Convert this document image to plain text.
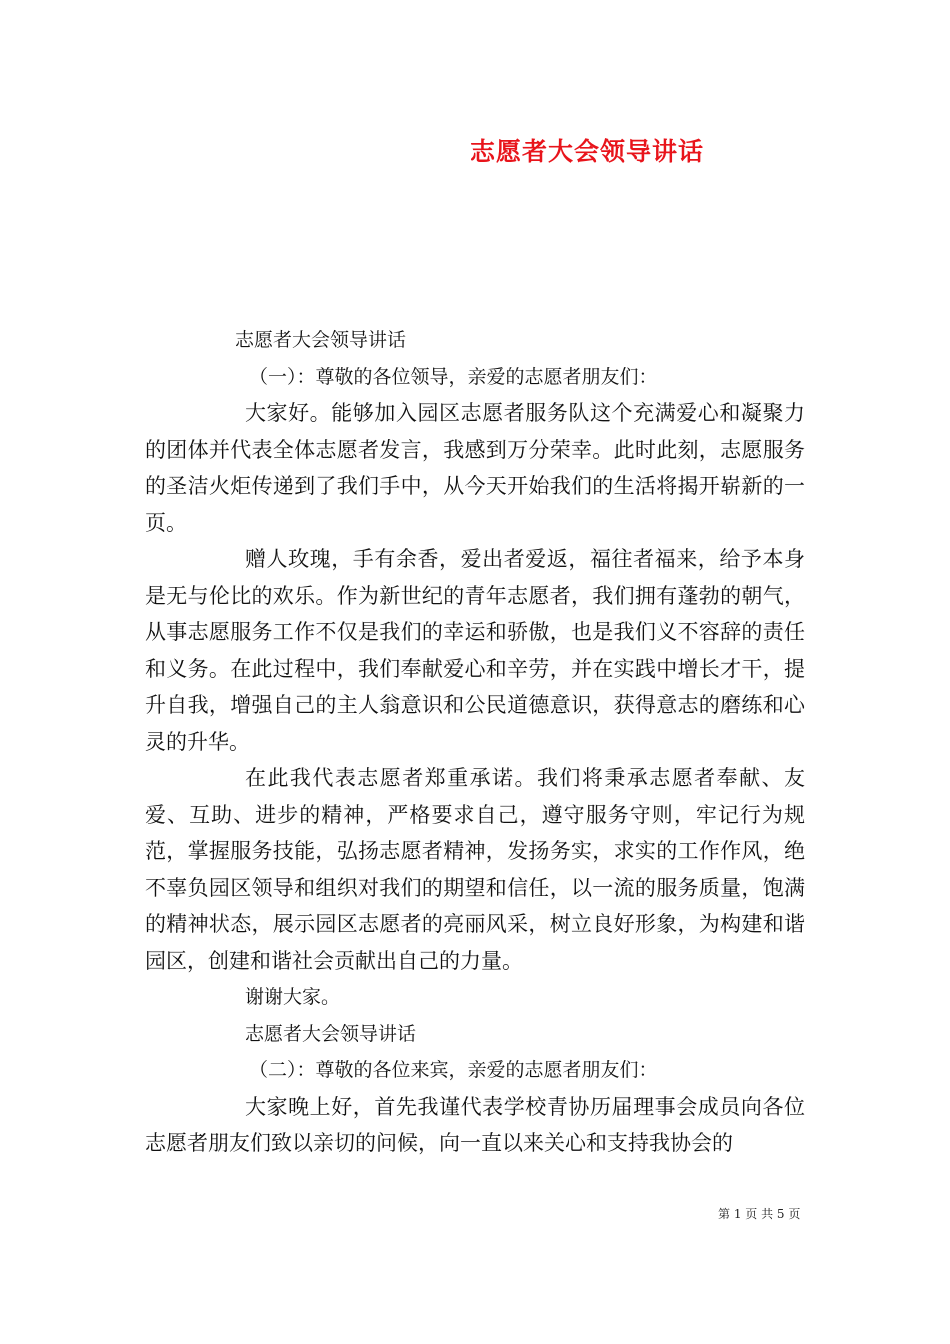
志愿者大会领导讲话

志愿者大会领导讲话

（一）：尊敬的各位领导，亲爱的志愿者朋友们：

大家好。能够加入园区志愿者服务队这个充满爱心和凝聚力的团体并代表全体志愿者发言，我感到万分荣幸。此时此刻，志愿服务的圣洁火炬传递到了我们手中，从今天开始我们的生活将揭开崭新的一页。

赠人玫瑰，手有余香，爱出者爱返，福往者福来，给予本身是无与伦比的欢乐。作为新世纪的青年志愿者，我们拥有蓬勃的朝气，从事志愿服务工作不仅是我们的幸运和骄傲，也是我们义不容辞的责任和义务。在此过程中，我们奉献爱心和辛劳，并在实践中增长才干，提升自我，增强自己的主人翁意识和公民道德意识，获得意志的磨练和心灵的升华。

在此我代表志愿者郑重承诺。我们将秉承志愿者奉献、友爱、互助、进步的精神，严格要求自己，遵守服务守则，牢记行为规范，掌握服务技能，弘扬志愿者精神，发扬务实，求实的工作作风，绝不辜负园区领导和组织对我们的期望和信任，以一流的服务质量，饱满的精神状态，展示园区志愿者的亮丽风采，树立良好形象，为构建和谐园区，创建和谐社会贡献出自己的力量。

谢谢大家。

志愿者大会领导讲话

（二）：尊敬的各位来宾，亲爱的志愿者朋友们：

大家晚上好，首先我谨代表学校青协历届理事会成员向各位志愿者朋友们致以亲切的问候，向一直以来关心和支持我协会的

第 1 页 共 5 页
